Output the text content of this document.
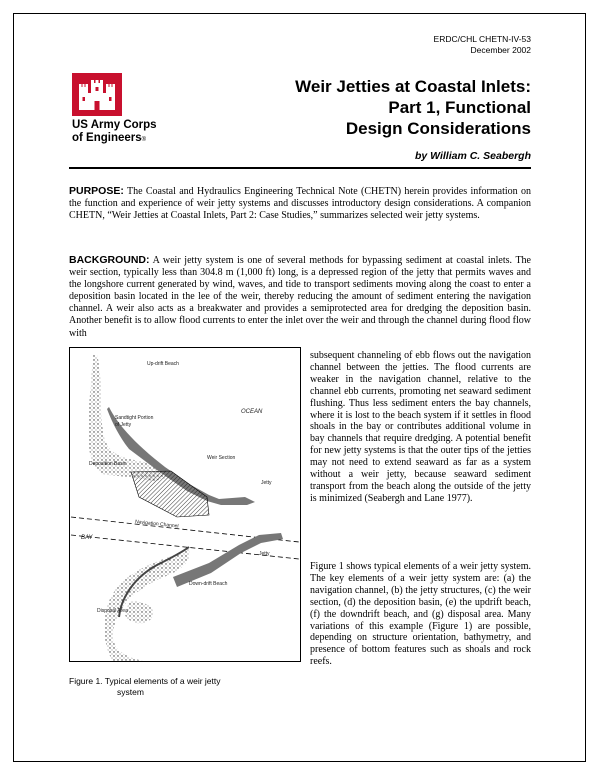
ERDC/CHL CHETN-IV-53
December 2002
US Army Corps
of Engineers®
Weir Jetties at Coastal Inlets:
Part 1, Functional
Design Considerations
by William C. Seabergh

PURPOSE: The Coastal and Hydraulics Engineering Technical Note (CHETN) herein provides information on the function and experience of weir jetty systems and discusses introductory design considerations. A companion CHETN, “Weir Jetties at Coastal Inlets, Part 2: Case Studies,” summarizes selected weir jetty systems.

BACKGROUND: A weir jetty system is one of several methods for bypassing sediment at coastal inlets. The weir section, typically less than 304.8 m (1,000 ft) long, is a depressed region of the jetty that permits waves and the longshore current generated by wind, waves, and tide to transport sediments moving along the coast to enter a deposition basin located in the lee of the weir, thereby reducing the amount of sediment entering the navigation channel. A weir also acts as a breakwater and provides a semiprotected area for dredging the deposition basin. Another benefit is to allow flood currents to enter the inlet over the weir and through the channel during flood flow with

subsequent channeling of ebb flows out the navigation channel between the jetties. The flood currents are weaker in the navigation channel, relative to the channel ebb currents, promoting net seaward sediment flushing. Thus less sediment enters the bay channels, where it is lost to the beach system if it settles in flood shoals in the bay or contributes additional volume in bay channels that require dredging. A potential benefit for new jetty systems is that the outer tips of the jetties may not need to extend seaward as far as a system without a weir jetty, because seaward sediment transport from the beach along the outside of the jetty is minimized (Seabergh and Lane 1977).

Figure 1 shows typical elements of a weir jetty system. The key elements of a weir jetty system are: (a) the navigation channel, (b) the jetty structures, (c) the weir section, (d) the deposition basin, (e) the updrift beach, (f) the downdrift beach, and (g) disposal area. Many variations of this example (Figure 1) are possible, depending on structure orientation, bathymetry, and presence of bottom features such as shoals and rock reefs.

Up-drift Beach
Sandtight Portion
of Jetty
OCEAN
Weir Section
Deposition Basin
Jetty
Navigation Channel
BAY
Jetty
Down-drift Beach
Disposal Area
Figure 1. Typical elements of a weir jetty
system
